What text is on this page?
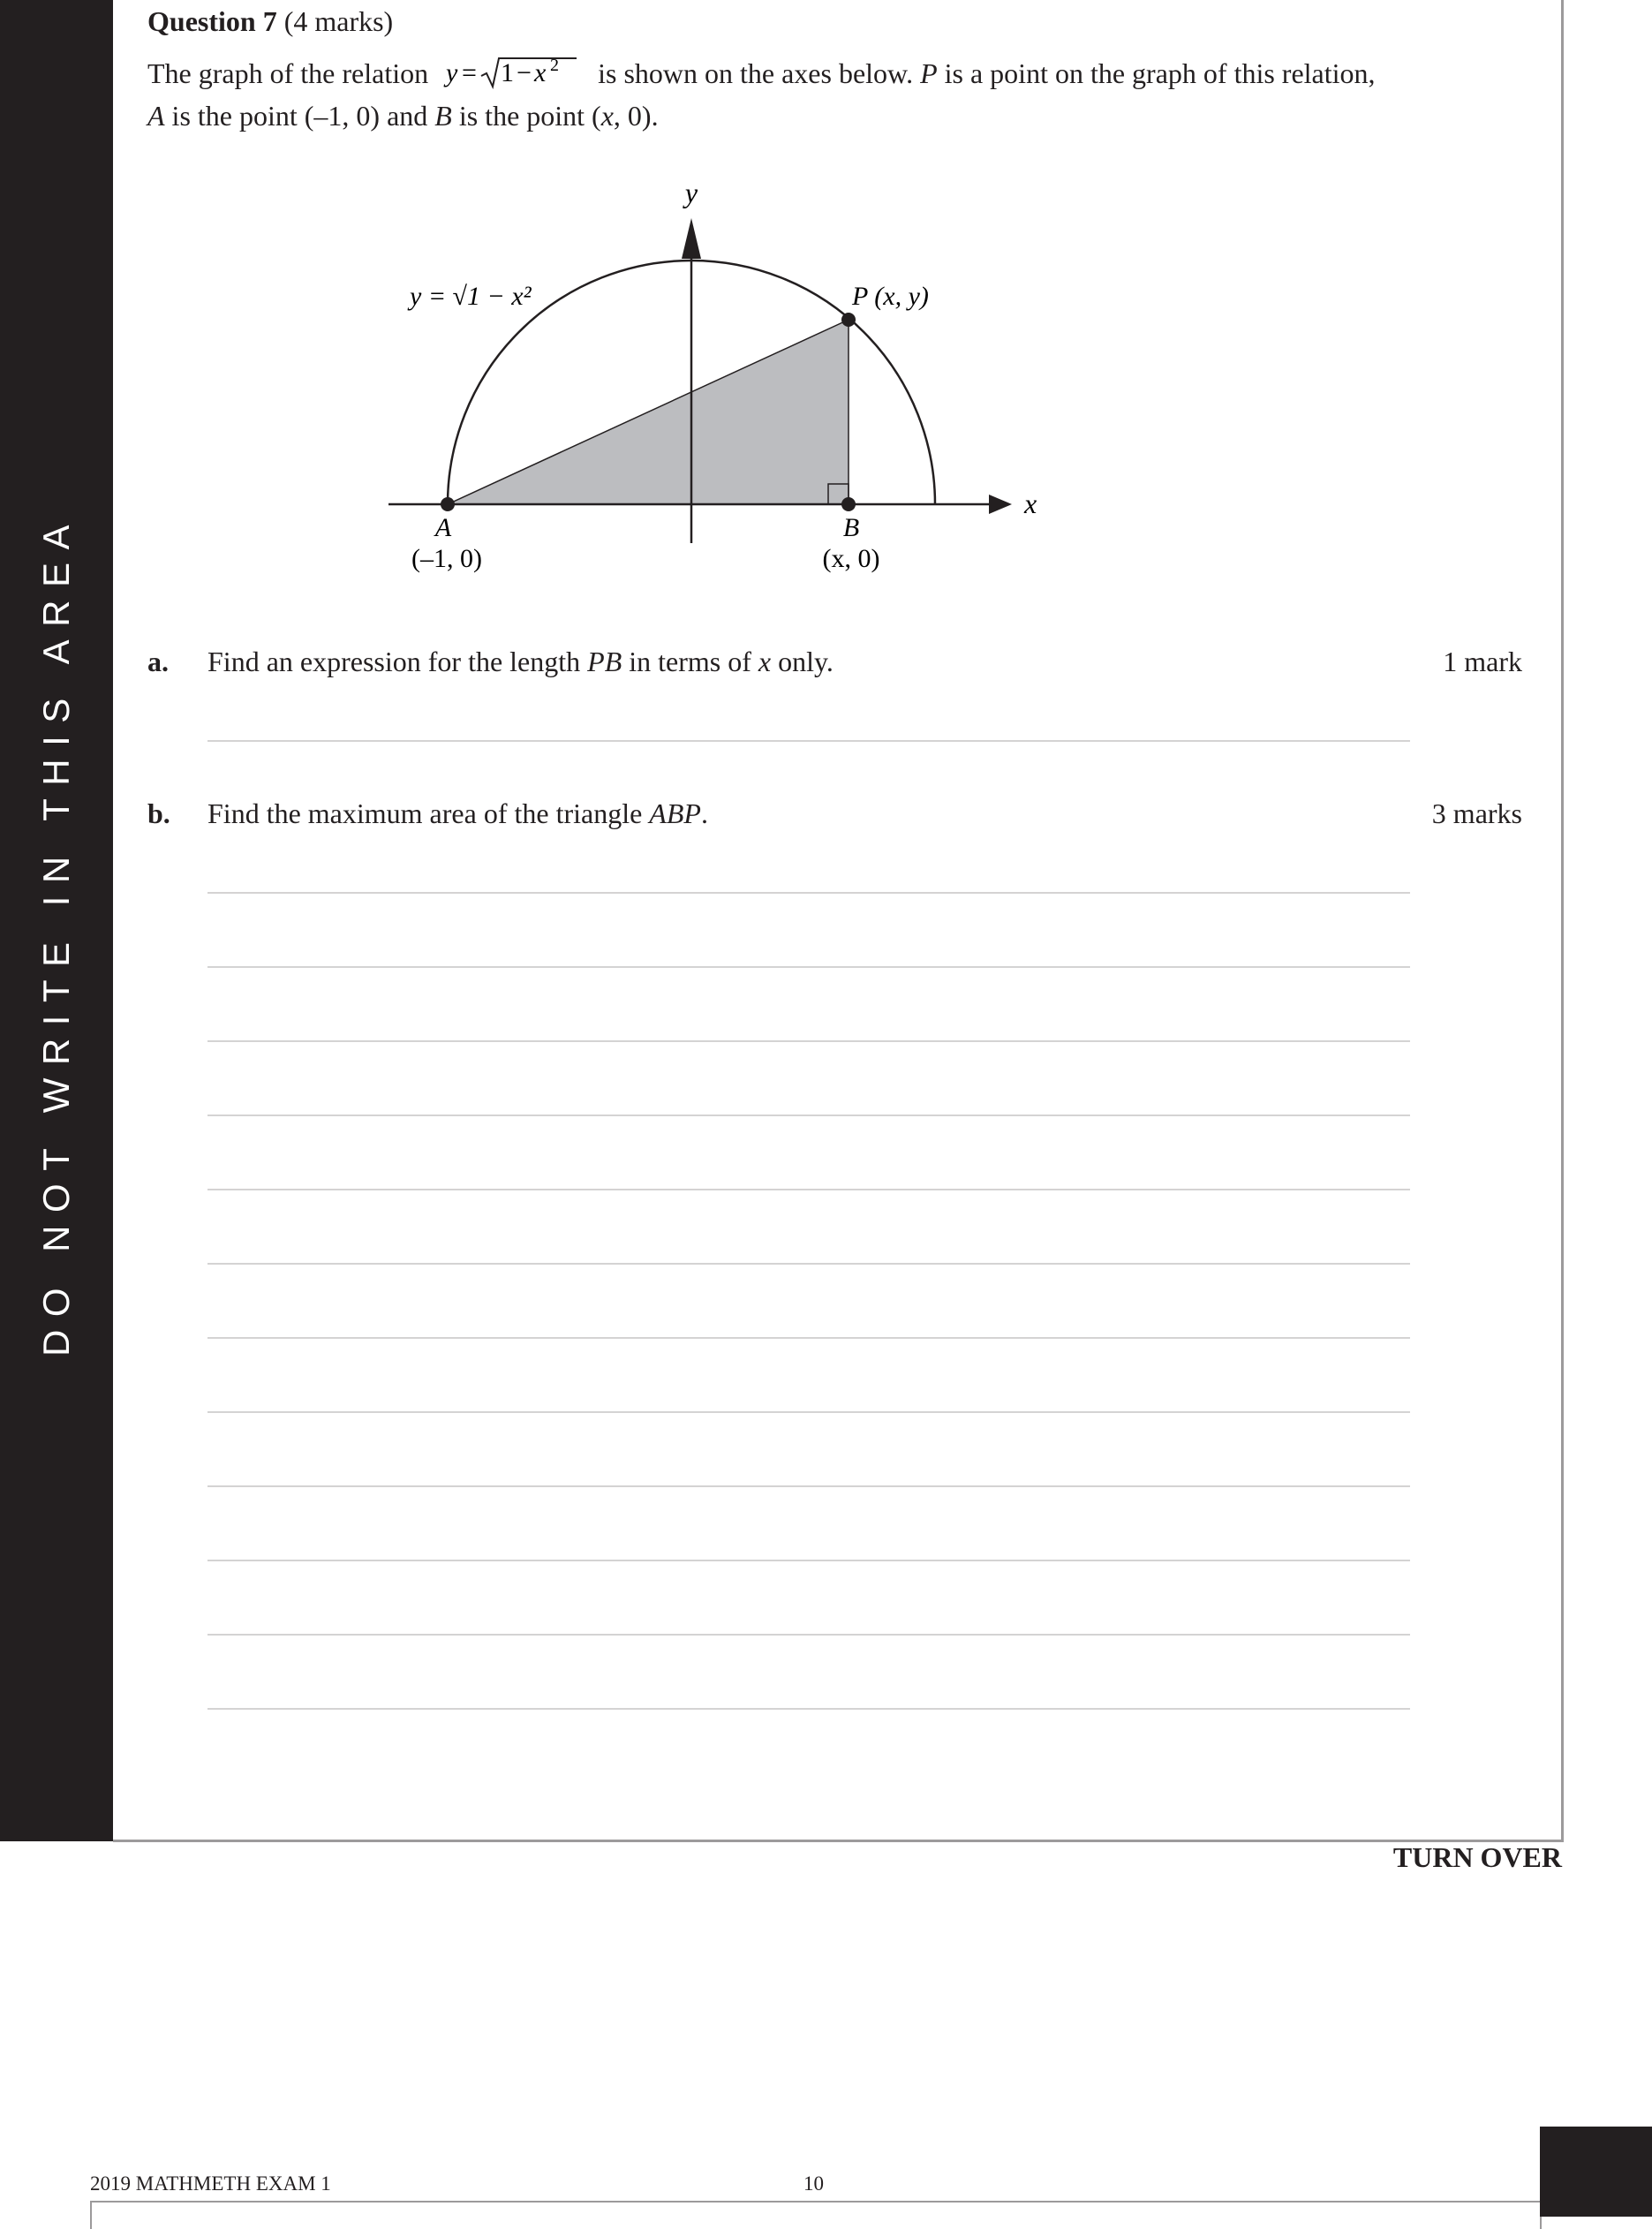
DO NOT WRITE IN THIS AREA
Question 7 (4 marks)
The graph of the relation y = 1 − x 2 is shown on the axes below. P is a point on the graph of this relation,
A is the point (–1, 0) and B is the point (x, 0).
y
x
y = √1 − x²	P (x, y)
A
(–1, 0)
B
(x, 0)
a. Find an expression for the length PB in terms of x only.	1 mark
b. Find the maximum area of the triangle ABP.	3 marks
TURN OVER
2019 MATHMETH EXAM 1	10
